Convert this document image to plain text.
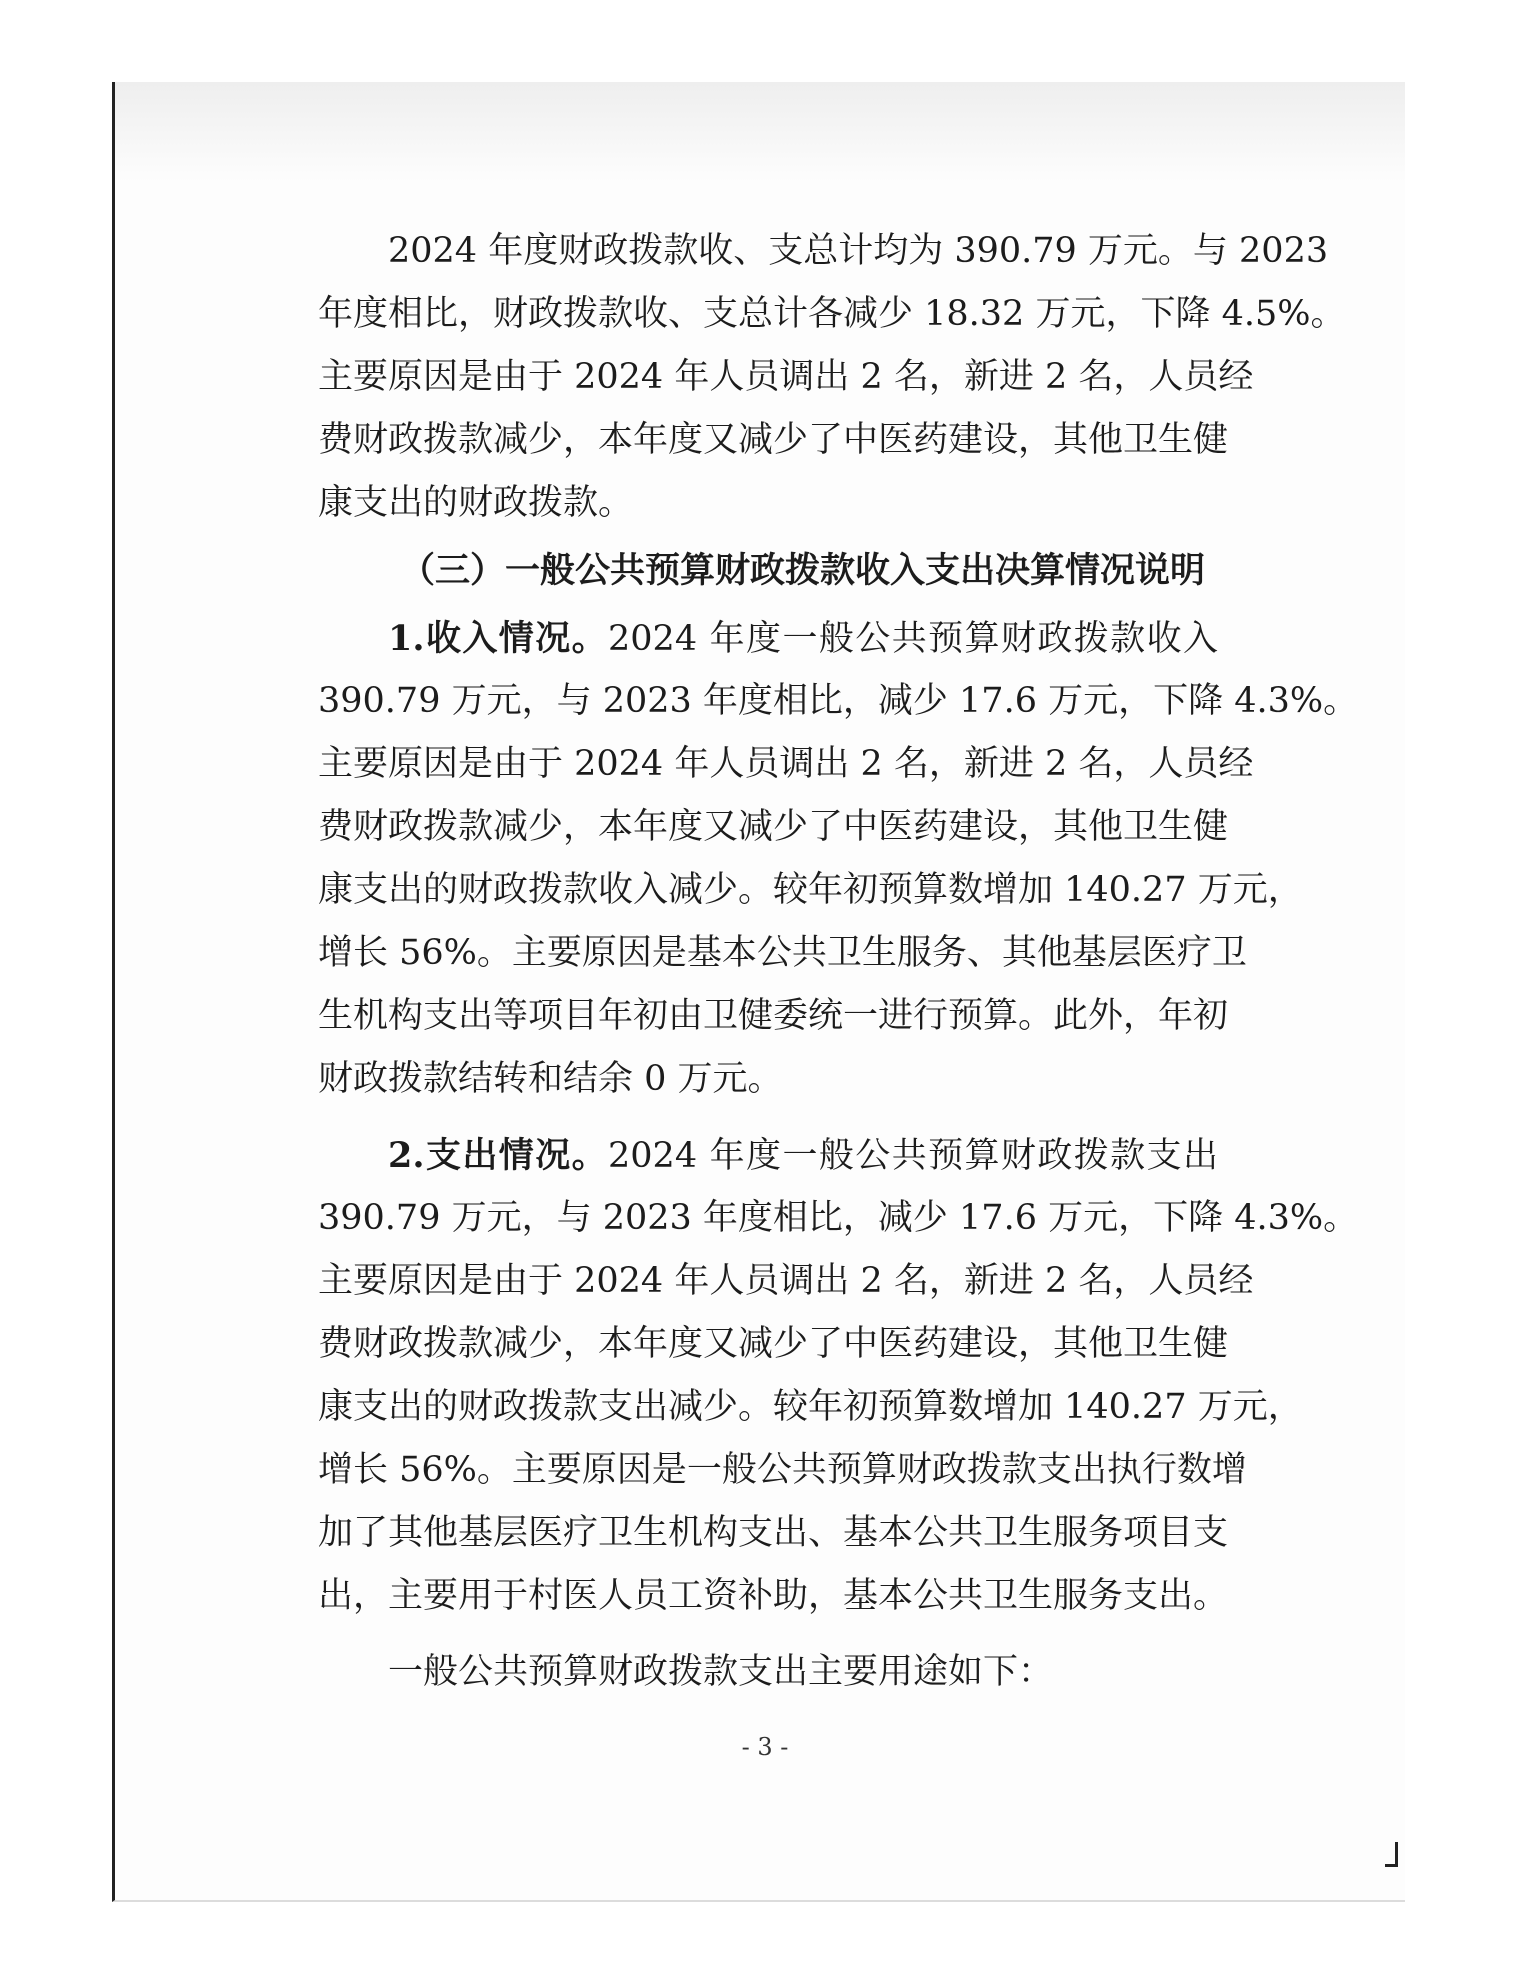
2024 年度财政拨款收、支总计均为 390.79 万元。与 2023
年度相比，财政拨款收、支总计各减少 18.32 万元，下降 4.5%。
主要原因是由于 2024 年人员调出 2 名，新进 2 名，人员经
费财政拨款减少，本年度又减少了中医药建设，其他卫生健
康支出的财政拨款。
（三）一般公共预算财政拨款收入支出决算情况说明
1.收入情况。2024 年度一般公共预算财政拨款收入
390.79 万元，与 2023 年度相比，减少 17.6 万元，下降 4.3%。
主要原因是由于 2024 年人员调出 2 名，新进 2 名，人员经
费财政拨款减少，本年度又减少了中医药建设，其他卫生健
康支出的财政拨款收入减少。较年初预算数增加 140.27 万元，
增长 56%。主要原因是基本公共卫生服务、其他基层医疗卫
生机构支出等项目年初由卫健委统一进行预算。此外，年初
财政拨款结转和结余 0 万元。
2.支出情况。2024 年度一般公共预算财政拨款支出
390.79 万元，与 2023 年度相比，减少 17.6 万元，下降 4.3%。
主要原因是由于 2024 年人员调出 2 名，新进 2 名，人员经
费财政拨款减少，本年度又减少了中医药建设，其他卫生健
康支出的财政拨款支出减少。较年初预算数增加 140.27 万元，
增长 56%。主要原因是一般公共预算财政拨款支出执行数增
加了其他基层医疗卫生机构支出、基本公共卫生服务项目支
出，主要用于村医人员工资补助，基本公共卫生服务支出。
一般公共预算财政拨款支出主要用途如下：
- 3 -
